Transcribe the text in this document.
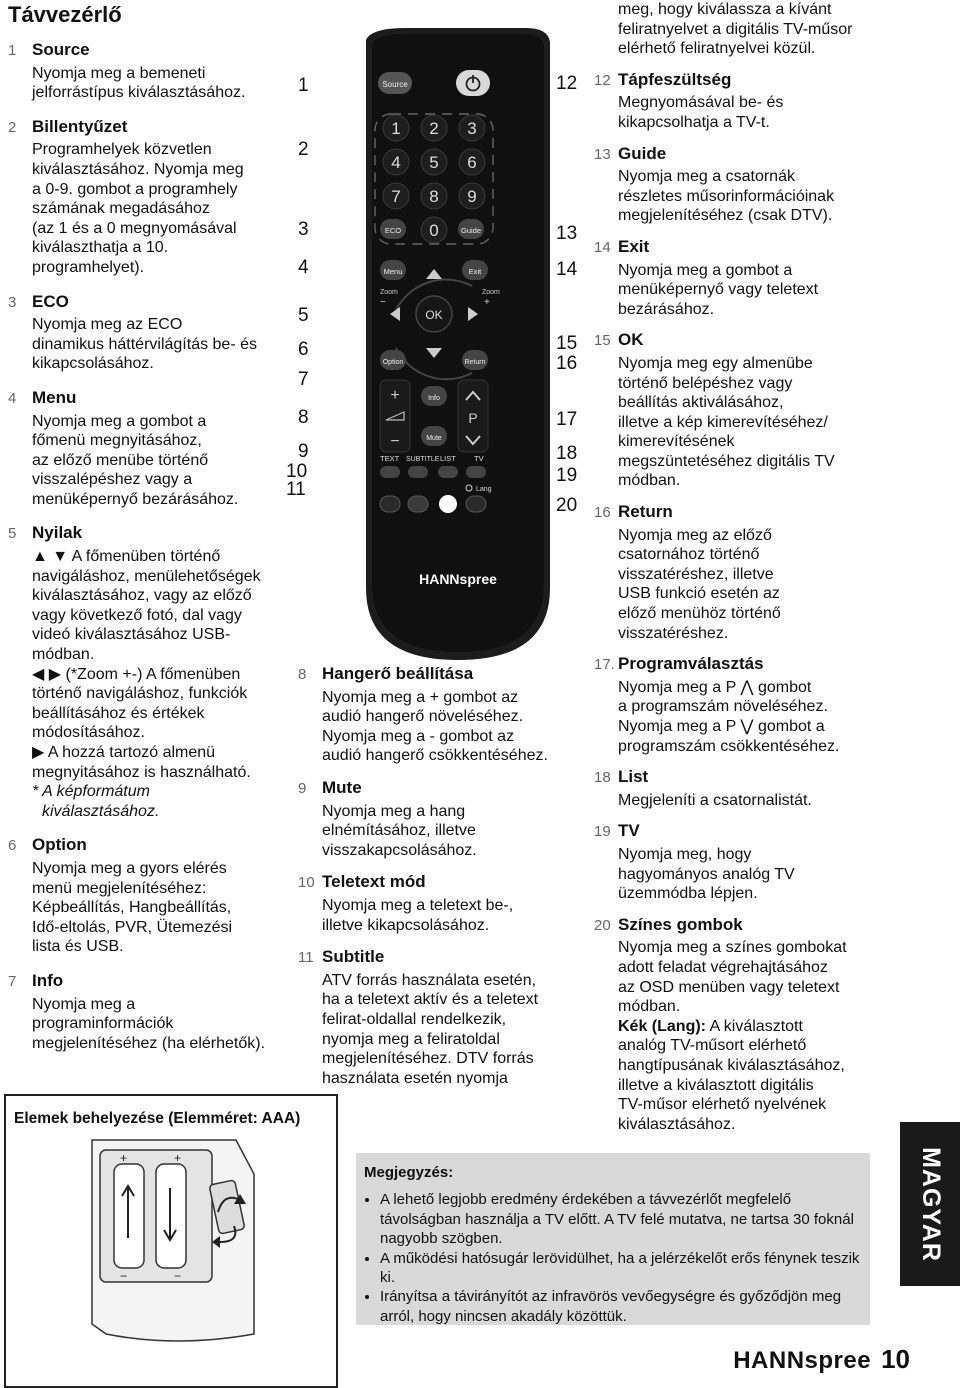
Távvezérlő
1 Source

Nyomja meg a bemeneti

jelforrástípus kiválasztásához.

2 Billentyűzet

Programhelyek közvetlen

kiválasztásához. Nyomja meg

a 0-9. gombot a programhely

számának megadásához

(az 1 és a 0 megnyomásával

kiválaszthatja a 10.

programhelyet).

3 ECO

Nyomja meg az ECO

dinamikus háttérvilágítás be- és

kikapcsolásához.

4 Menu

Nyomja meg a gombot a

főmenü megnyitásához,

az előző menübe történő

visszalépéshez vagy a

menüképernyő bezárásához.

5 Nyilak

▲ ▼ A főmenüben történő

navigáláshoz, menülehetőségek

kiválasztásához, vagy az előző

vagy következő fotó, dal vagy

videó kiválasztásához USB-

módban.

◀ ▶ (*Zoom +-) A főmenüben

történő navigáláshoz, funkciók

beállításához és értékek

módosításához.

▶ A hozzá tartozó almenü

megnyitásához is használható.

* A képformátum

kiválasztásához.

6 Option

Nyomja meg a gyors elérés

menü megjelenítéséhez:

Képbeállítás, Hangbeállítás,

Idő-eltolás, PVR, Ütemezési

lista és USB.

7 Info

Nyomja meg a

programinformációk

megjelenítéséhez (ha elérhetők).

8 Hangerő beállítása

Nyomja meg a + gombot az

audió hangerő növeléséhez.

Nyomja meg a - gombot az

audió hangerő csökkentéséhez.

9 Mute

Nyomja meg a hang

elnémításához, illetve

visszakapcsolásához.

10 Teletext mód

Nyomja meg a teletext be-,

illetve kikapcsolásához.

11 Subtitle

ATV forrás használata esetén,

ha a teletext aktív és a teletext

felirat-oldallal rendelkezik,

nyomja meg a feliratoldal

megjelenítéséhez. DTV forrás

használata esetén nyomja

meg, hogy kiválassza a kívánt

feliratnyelvet a digitális TV-műsor

elérhető feliratnyelvei közül.

12 Tápfeszültség

Megnyomásával be- és

kikapcsolhatja a TV-t.

13 Guide

Nyomja meg a csatornák

részletes műsorinformációinak

megjelenítéséhez (csak DTV).

14 Exit

Nyomja meg a gombot a

menüképernyő vagy teletext

bezárásához.

15 OK

Nyomja meg egy almenübe

történő belépéshez vagy

beállítás aktiválásához,

illetve a kép kimerevítéséhez/

kimerevítésének

megszüntetéséhez digitális TV

módban.

16 Return

Nyomja meg az előző

csatornához történő

visszatéréshez, illetve

USB funkció esetén az

előző menühöz történő

visszatéréshez.

17. Programválasztás

Nyomja meg a P ⋀ gombot

a programszám növeléséhez.

Nyomja meg a P ⋁ gombot a

programszám csökkentéséhez.

18 List

Megjeleníti a csatornalistát.

19 TV

Nyomja meg, hogy

hagyományos analóg TV

üzemmódba lépjen.

20 Színes gombok

Nyomja meg a színes gombokat

adott feladat végrehajtásához

az OSD menüben vagy teletext

módban.

Kék (Lang): A kiválasztott

analóg TV-műsort elérhető

hangtípusának kiválasztásához,

illetve a kiválasztott digitális

TV-műsor elérhető nyelvének

kiválasztásához.

1
2
3
4
5
6
7
8
9
10
11
12
13
14
15
16
17
18
19
20
Source
1 2 3
4 5 6
7 8 9
0
ECO	Guide
Menu	Exit
Zoom
−
Zoom
+
OK
Option	Return
+
−
Info
Mute
P
TEXT SUBTITLE LIST TV
Lang
HANNspree
Elemek behelyezése (Elemméret: AAA)
+	+
−	−
Megjegyzés:
• A lehető legjobb eredmény érdekében a távvezérlőt megfelelő távolságban használja a TV előtt. A TV felé mutatva, ne tartsa 30 foknál nagyobb szögben.
• A működési hatósugár lerövidülhet, ha a jelérzékelőt erős fénynek teszik ki.
• Irányítsa a távirányítót az infravörös vevőegységre és győződjön meg arról, hogy nincsen akadály közöttük.
MAGYAR
HANNspree 10
